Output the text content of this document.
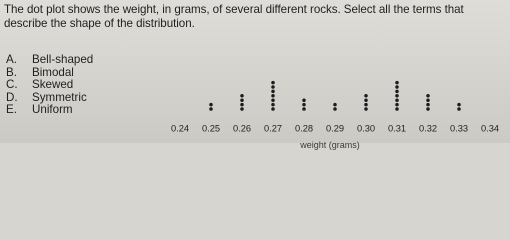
The dot plot shows the weight, in grams, of several different rocks. Select all the terms that describe the shape of the distribution.
A.	Bell-shaped
B.	Bimodal
C.	Skewed
D.	Symmetric
E.	Uniform
0.24 0.25 0.26 0.27 0.28 0.29 0.30 0.31 0.32 0.33 0.34
weight (grams)
